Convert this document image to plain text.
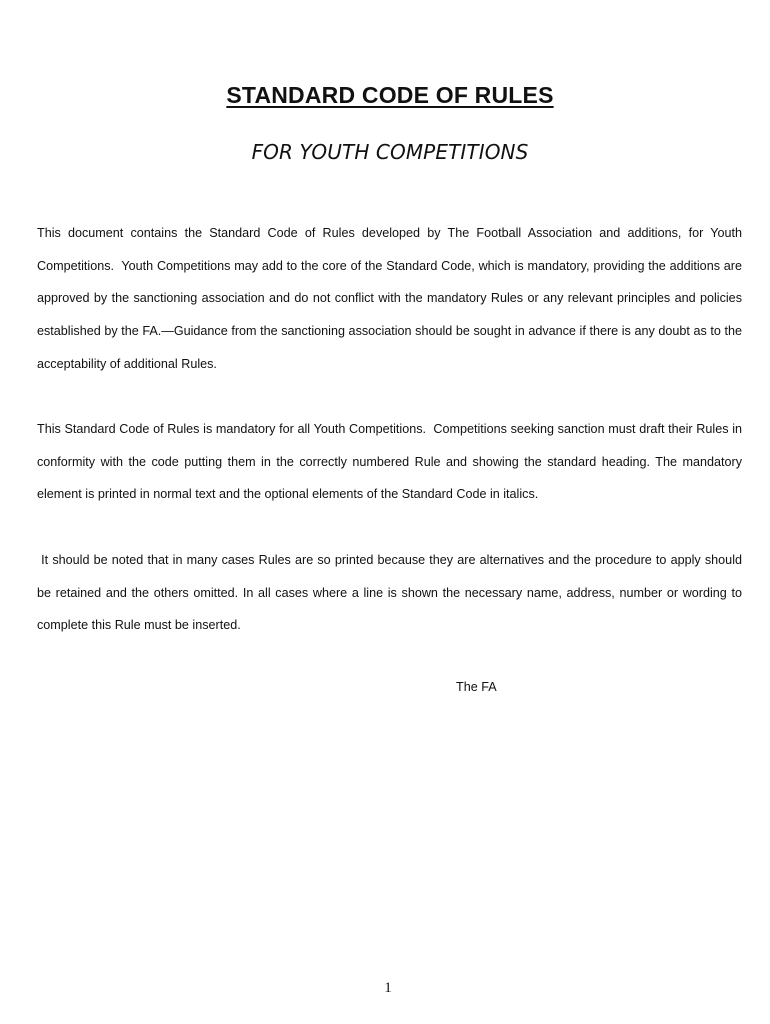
STANDARD CODE OF RULES
FOR YOUTH COMPETITIONS

This document contains the Standard Code of Rules developed by The Football Association and additions, for Youth Competitions.  Youth Competitions may add to the core of the Standard Code, which is mandatory, providing the additions are approved by the sanctioning association and do not conflict with the mandatory Rules or any relevant principles and policies established by the FA.—Guidance from the sanctioning association should be sought in advance if there is any doubt as to the acceptability of additional Rules.

This Standard Code of Rules is mandatory for all Youth Competitions.  Competitions seeking sanction must draft their Rules in conformity with the code putting them in the correctly numbered Rule and showing the standard heading. The mandatory element is printed in normal text and the optional elements of the Standard Code in italics.

It should be noted that in many cases Rules are so printed because they are alternatives and the procedure to apply should be retained and the others omitted. In all cases where a line is shown the necessary name, address, number or wording to complete this Rule must be inserted.

The FA
1
